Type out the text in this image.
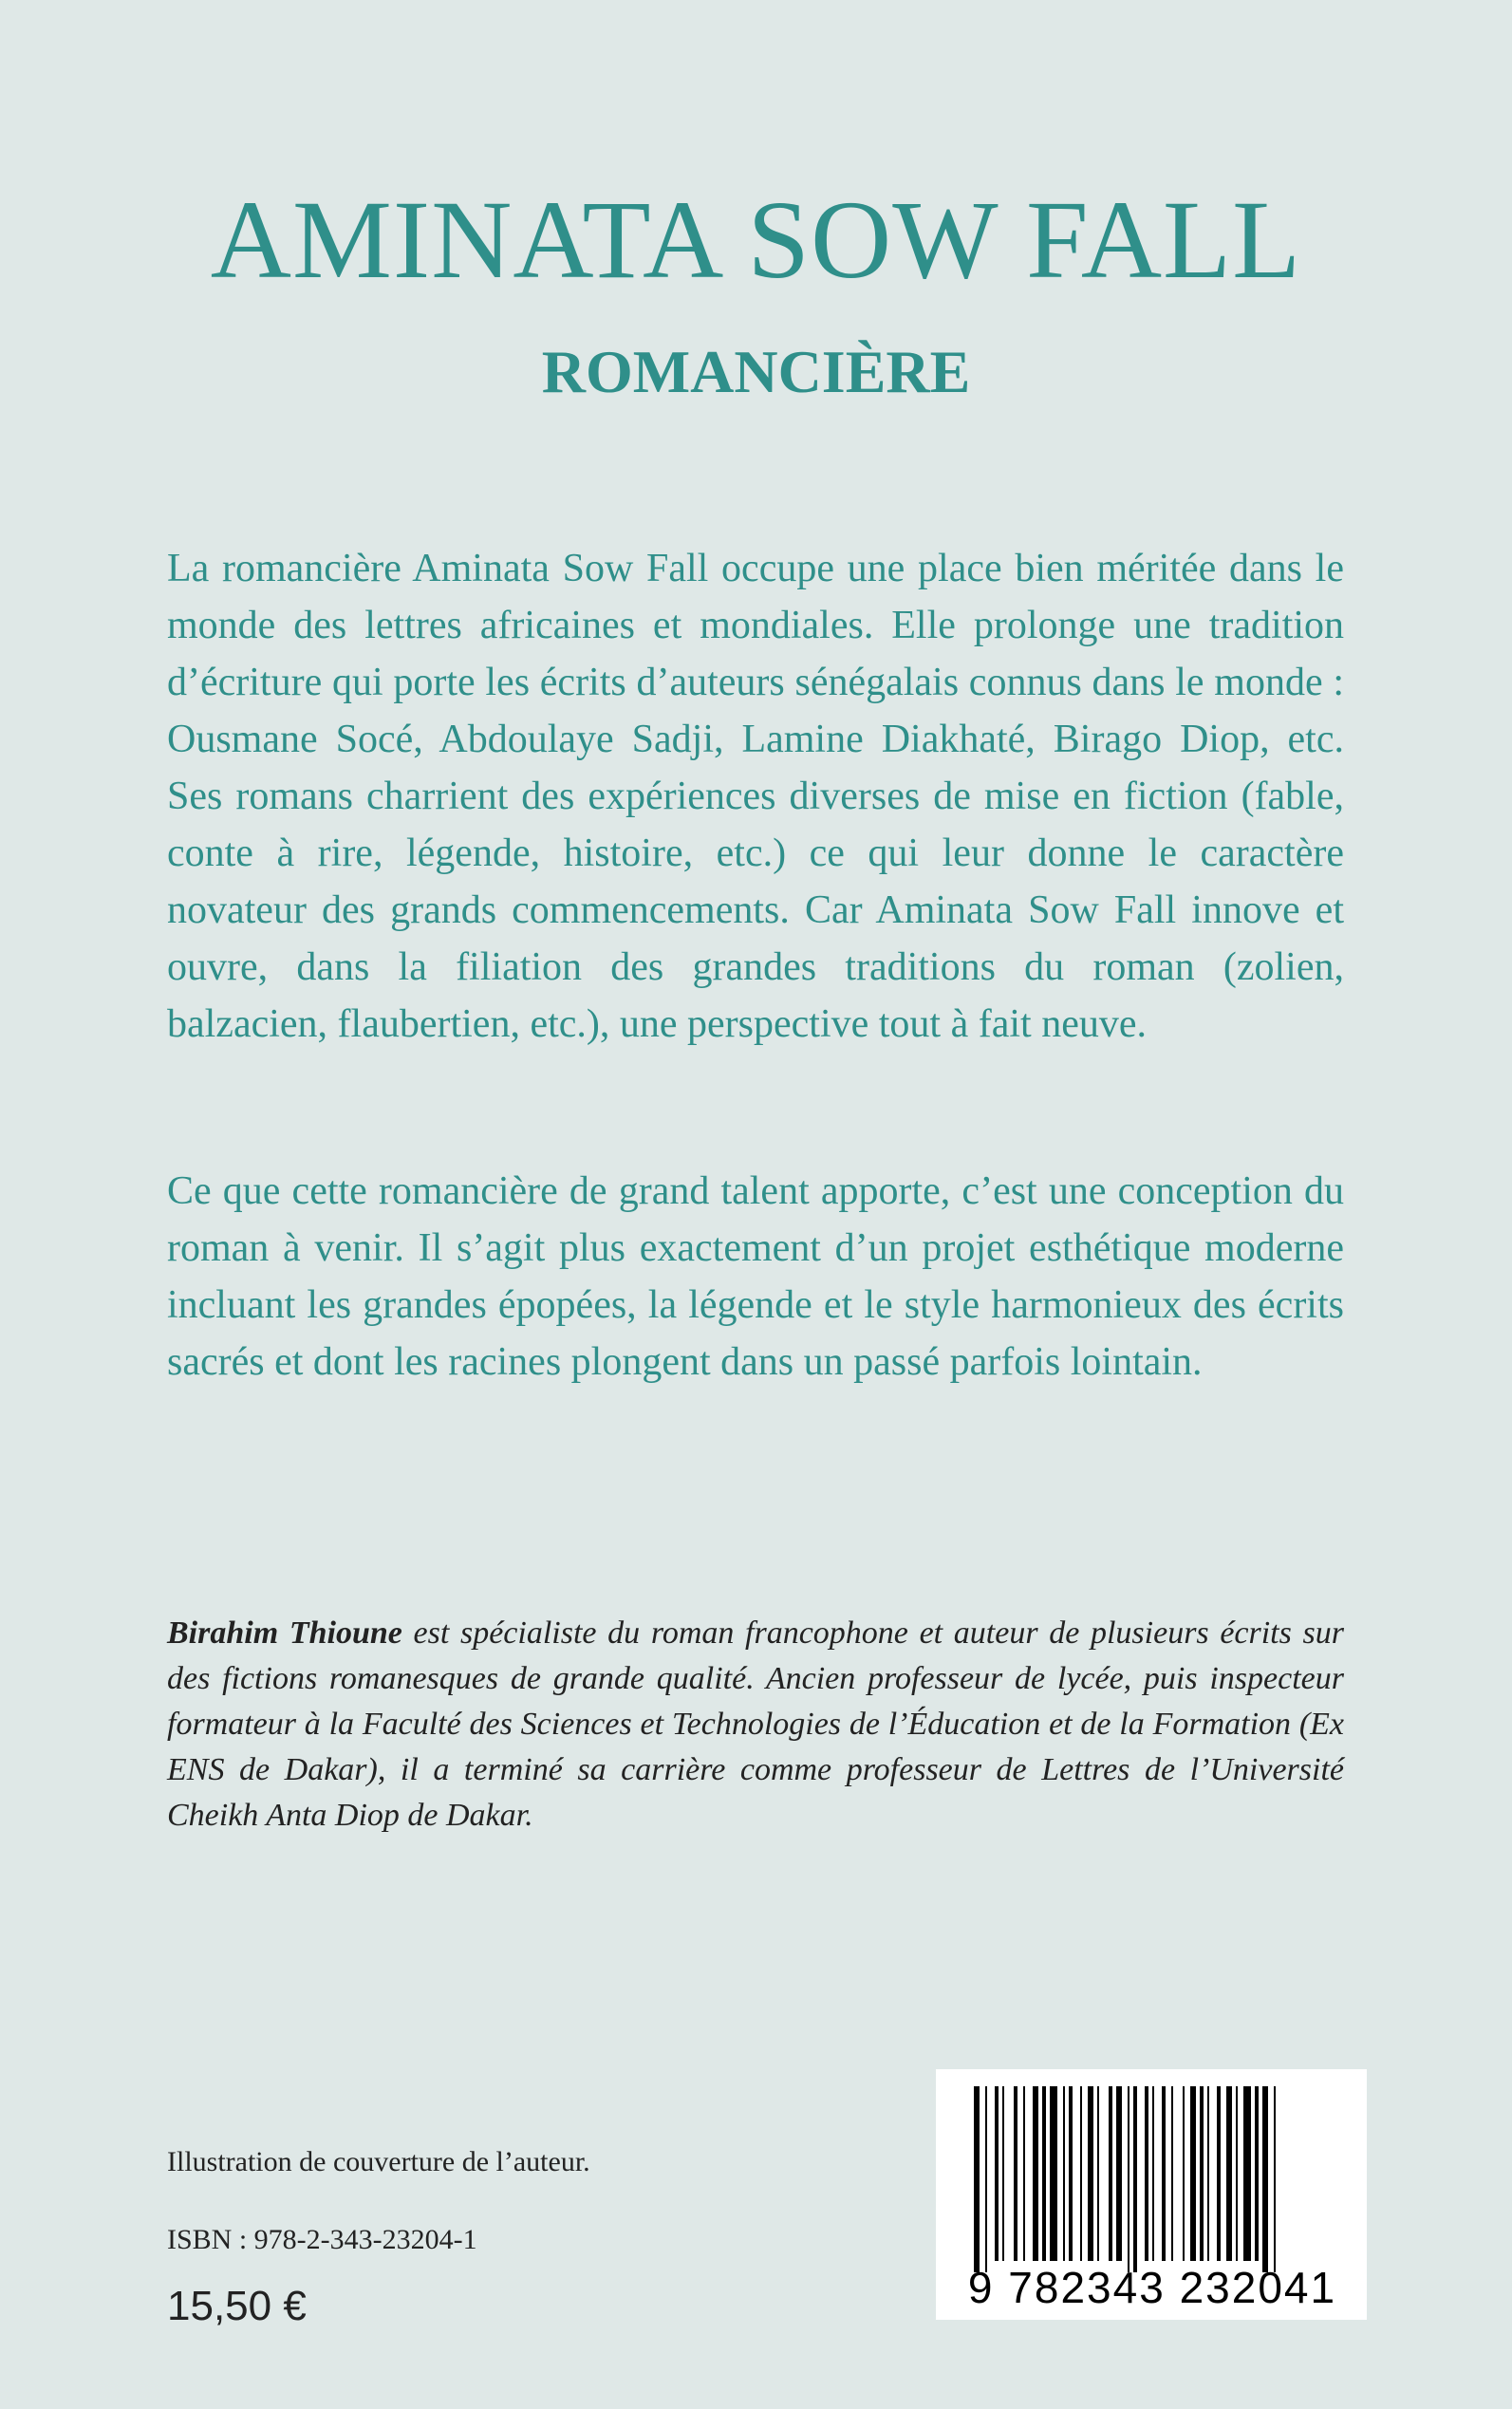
AMINATA SOW FALL
ROMANCIÈRE

La romancière Aminata Sow Fall occupe une place bien méritée dans le monde des lettres africaines et mondiales. Elle prolonge une tradition d’écriture qui porte les écrits d’auteurs sénégalais connus dans le monde : Ousmane Socé, Abdoulaye Sadji, Lamine Diakhaté, Birago Diop, etc. Ses romans charrient des expériences diverses de mise en fiction (fable, conte à rire, légende, histoire, etc.) ce qui leur donne le caractère novateur des grands commencements. Car Aminata Sow Fall innove et ouvre, dans la filiation des grandes traditions du roman (zolien, balzacien, flaubertien, etc.), une perspective tout à fait neuve.

Ce que cette romancière de grand talent apporte, c’est une conception du roman à venir. Il s’agit plus exactement d’un projet esthétique moderne incluant les grandes épopées, la légende et le style harmonieux des écrits sacrés et dont les racines plongent dans un passé parfois lointain.

Birahim Thioune est spécialiste du roman francophone et auteur de plusieurs écrits sur des fictions romanesques de grande qualité. Ancien professeur de lycée, puis inspecteur formateur à la Faculté des Sciences et Technologies de l’Éducation et de la Formation (Ex ENS de Dakar), il a terminé sa carrière comme professeur de Lettres de l’Université Cheikh Anta Diop de Dakar.

Illustration de couverture de l’auteur.

ISBN : 978-2-343-23204-1

15,50 €	9 782343 232041
